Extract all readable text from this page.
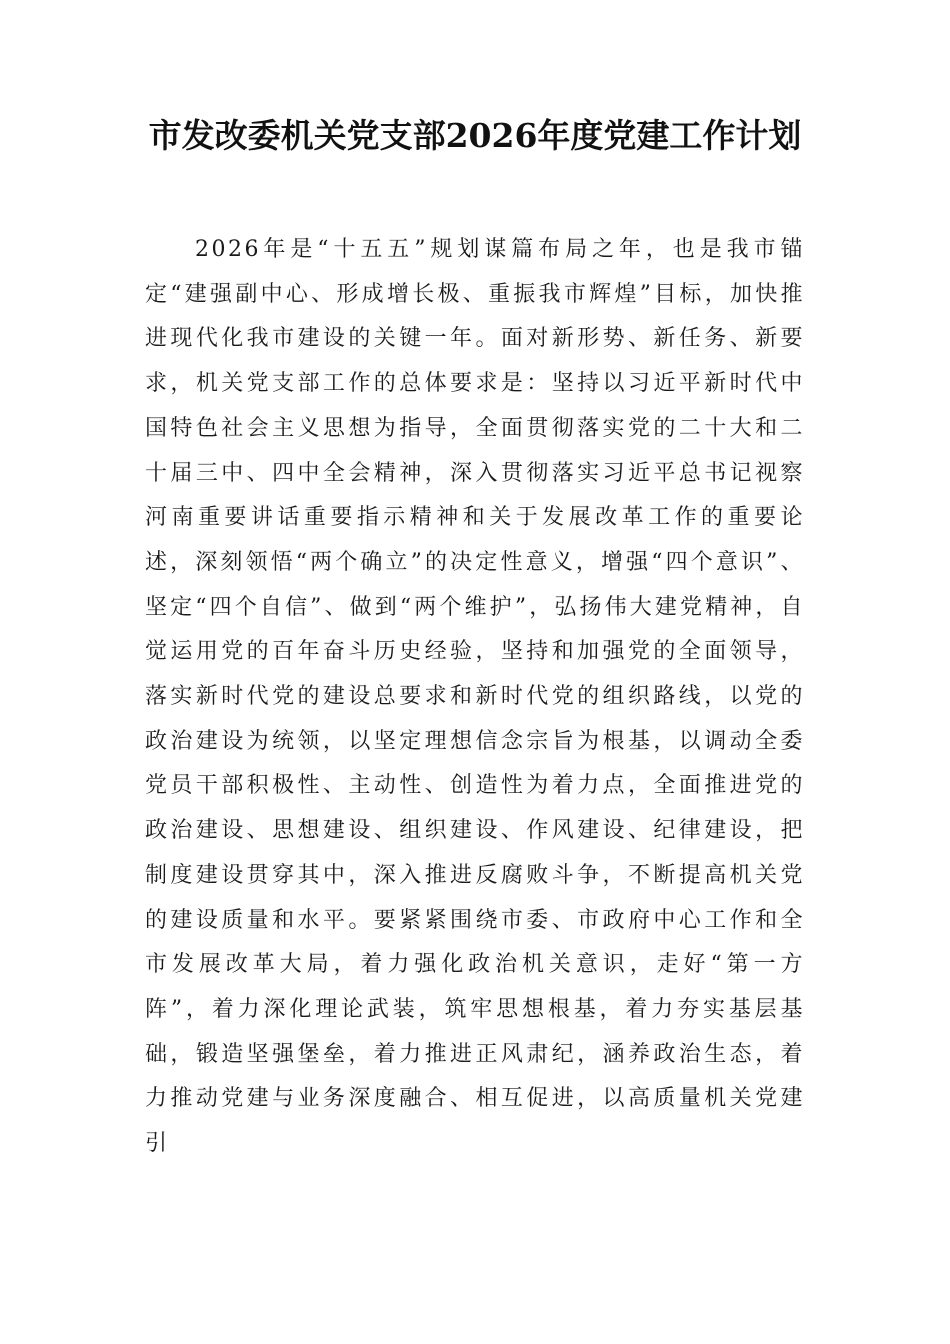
市发改委机关党支部2026年度党建工作计划

2026年是“十五五”规划谋篇布局之年，也是我市锚定“建强副中心、形成增长极、重振我市辉煌”目标，加快推进现代化我市建设的关键一年。面对新形势、新任务、新要求，机关党支部工作的总体要求是：坚持以习近平新时代中国特色社会主义思想为指导，全面贯彻落实党的二十大和二十届三中、四中全会精神，深入贯彻落实习近平总书记视察河南重要讲话重要指示精神和关于发展改革工作的重要论述，深刻领悟“两个确立”的决定性意义，增强“四个意识”、坚定“四个自信”、做到“两个维护”，弘扬伟大建党精神，自觉运用党的百年奋斗历史经验，坚持和加强党的全面领导，落实新时代党的建设总要求和新时代党的组织路线，以党的政治建设为统领，以坚定理想信念宗旨为根基，以调动全委党员干部积极性、主动性、创造性为着力点，全面推进党的政治建设、思想建设、组织建设、作风建设、纪律建设，把制度建设贯穿其中，深入推进反腐败斗争，不断提高机关党的建设质量和水平。要紧紧围绕市委、市政府中心工作和全市发展改革大局，着力强化政治机关意识，走好“第一方阵”，着力深化理论武装，筑牢思想根基，着力夯实基层基础，锻造坚强堡垒，着力推进正风肃纪，涵养政治生态，着力推动党建与业务深度融合、相互促进，以高质量机关党建引
